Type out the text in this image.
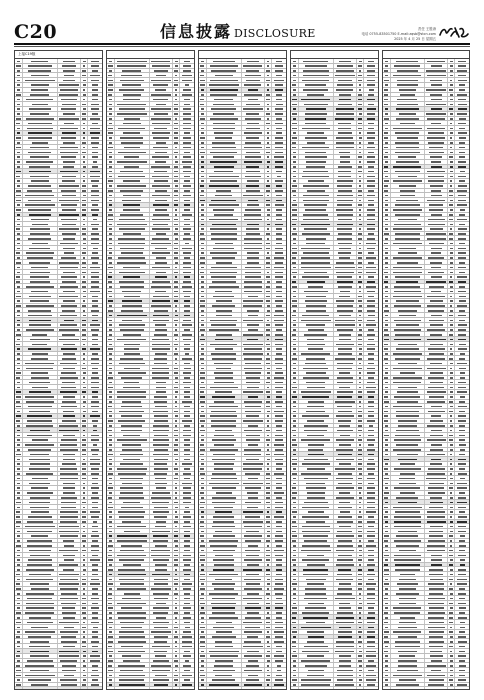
C20	信息披露 DISCLOSURE	责任 王胜涛
电话 0755-83501750 E-mail:zqsb@stcn.com
2025 年 4 月 25 日 星期五
上接C19版
